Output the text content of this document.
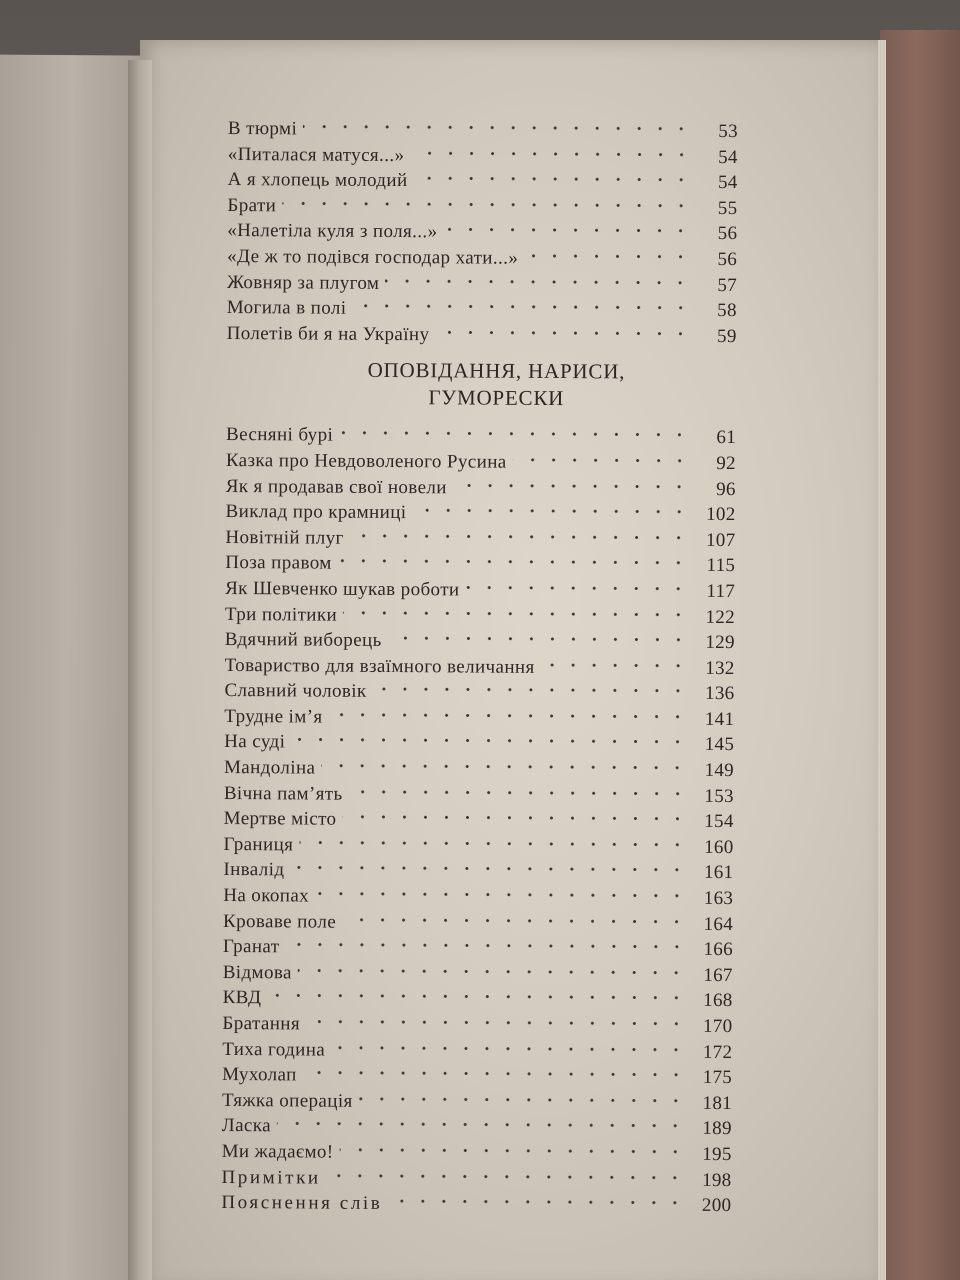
В тюрмі	53
«Питалася матуся...»	54
А я хлопець молодий	54
Брати	55
«Налетіла куля з поля...»	56
«Де ж то подівся господар хати...»	56
Жовняр за плугом	57
Могила в полі	58
Полетів би я на Україну	59
ОПОВІДАННЯ, НАРИСИ,
ГУМОРЕСКИ
Весняні бурі	61
Казка про Невдоволеного Русина	92
Як я продавав свої новели	96
Виклад про крамниці	102
Новітній плуг	107
Поза правом	115
Як Шевченко шукав роботи	117
Три політики	122
Вдячний виборець	129
Товариство для взаїмного величання	132
Славний чоловік	136
Трудне ім’я	141
На суді	145
Мандоліна	149
Вічна пам’ять	153
Мертве місто	154
Границя	160
Інвалід	161
На окопах	163
Кроваве поле	164
Гранат	166
Відмова	167
КВД	168
Братання	170
Тиха година	172
Мухолап	175
Тяжка операція	181
Ласка	189
Ми жадаємо!	195
Примітки	198
Пояснення слів	200
